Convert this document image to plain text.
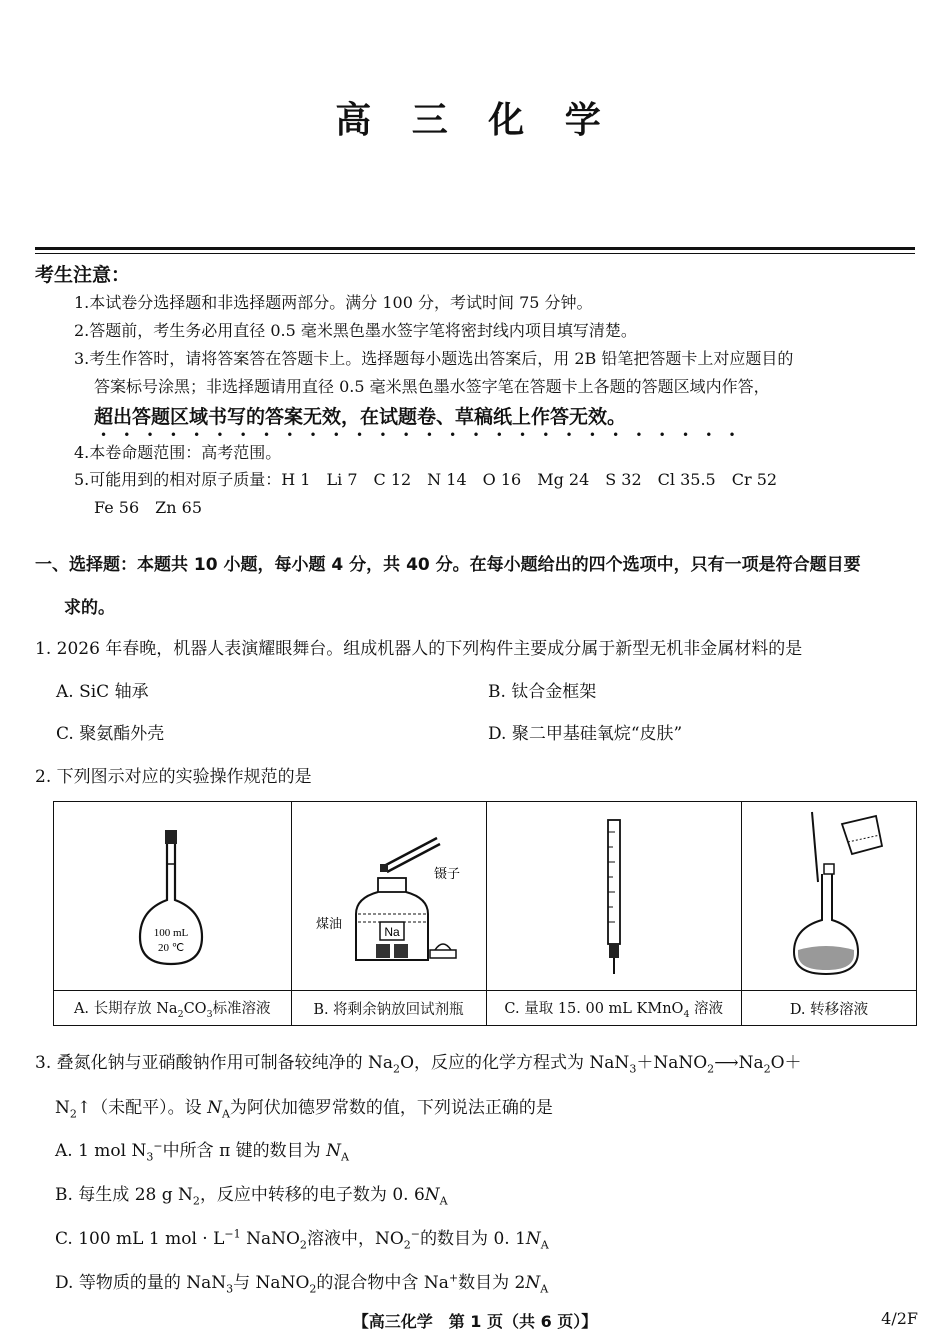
高 三 化 学
考生注意：
1.本试卷分选择题和非选择题两部分。满分 100 分，考试时间 75 分钟。
2.答题前，考生务必用直径 0.5 毫米黑色墨水签字笔将密封线内项目填写清楚。
3.考生作答时，请将答案答在答题卡上。选择题每小题选出答案后，用 2B 铅笔把答题卡上对应题目的
答案标号涂黑；非选择题请用直径 0.5 毫米黑色墨水签字笔在答题卡上各题的答题区域内作答，
超出答题区域书写的答案无效，在试题卷、草稿纸上作答无效。
••••••••••••••••••••••••••••
4.本卷命题范围：高考范围。
5.可能用到的相对原子质量：H 1　Li 7　C 12　N 14　O 16　Mg 24　S 32　Cl 35.5　Cr 52
Fe 56　Zn 65
一、选择题：本题共 10 小题，每小题 4 分，共 40 分。在每小题给出的四个选项中，只有一项是符合题目要
求的。
1. 2026 年春晚，机器人表演耀眼舞台。组成机器人的下列构件主要成分属于新型无机非金属材料的是
A. SiC 轴承	B. 钛合金框架
C. 聚氨酯外壳	D. 聚二甲基硅氧烷“皮肤”
2. 下列图示对应的实验操作规范的是
100 mL
20 ℃	镊子
Na
煤油

A. 长期存放 $Na_2CO_3$标准溶液	B. 将剩余钠放回试剂瓶	C. 量取 15. 00 mL KMnO$_4$ 溶液	D. 转移溶液
3. 叠氮化钠与亚硝酸钠作用可制备较纯净的 $Na_2O$，反应的化学方程式为 $NaN_3+NaNO_2⟶Na_2O+$
$N_2↑$（未配平）。设 $N_A$为阿伏加德罗常数的值，下列说法正确的是
A. 1 mol $N_3^-$中所含 π 键的数目为 $N_A$
B. 每生成 28 g $N_2$，反应中转移的电子数为 0. $6N_A$
C. 100 mL 1 mol · $L^{-1}$ NaNO$_2$溶液中，$NO_2^-$的数目为 0. $1N_A$
D. 等物质的量的 NaN$_3$与 NaNO$_2$的混合物中含 Na+数目为 $2N_A$
【高三化学　第 1 页（共 6 页）】	4/2F
